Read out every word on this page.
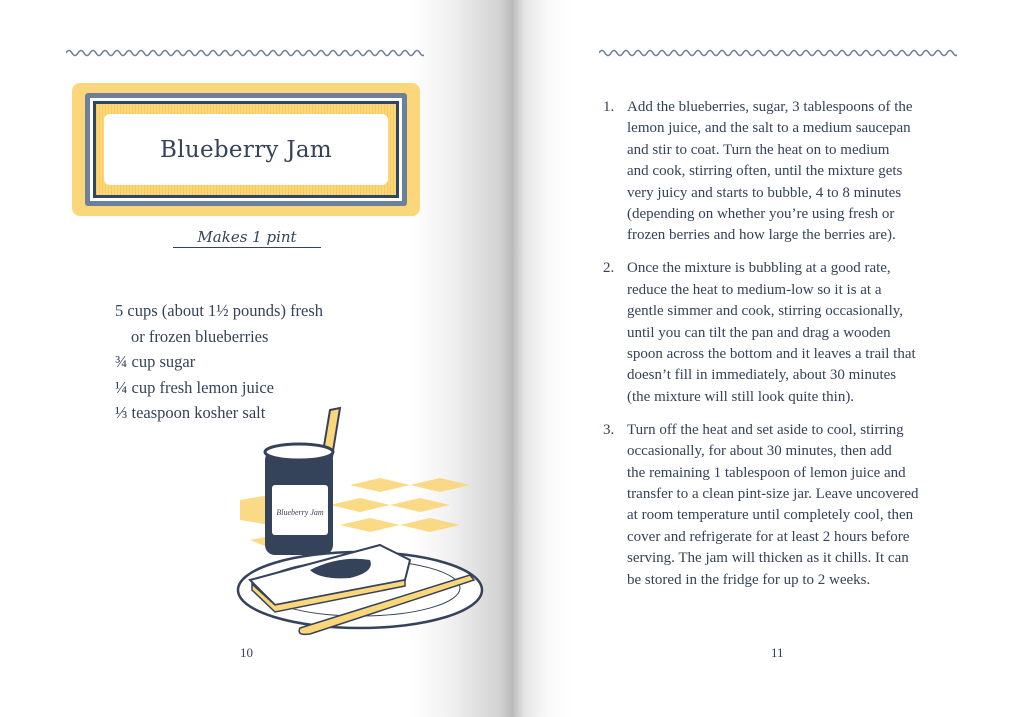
Blueberry Jam
Makes 1 pint
5 cups (about 1½ pounds) fresh
or frozen blueberries
¾ cup sugar
¼ cup fresh lemon juice
⅓ teaspoon kosher salt
Blueberry Jam
10
1. Add the blueberries, sugar, 3 tablespoons of the
lemon juice, and the salt to a medium saucepan
and stir to coat. Turn the heat on to medium
and cook, stirring often, until the mixture gets
very juicy and starts to bubble, 4 to 8 minutes
(depending on whether you’re using fresh or
frozen berries and how large the berries are).
2. Once the mixture is bubbling at a good rate,
reduce the heat to medium-low so it is at a
gentle simmer and cook, stirring occasionally,
until you can tilt the pan and drag a wooden
spoon across the bottom and it leaves a trail that
doesn’t fill in immediately, about 30 minutes
(the mixture will still look quite thin).
3. Turn off the heat and set aside to cool, stirring
occasionally, for about 30 minutes, then add
the remaining 1 tablespoon of lemon juice and
transfer to a clean pint-size jar. Leave uncovered
at room temperature until completely cool, then
cover and refrigerate for at least 2 hours before
serving. The jam will thicken as it chills. It can
be stored in the fridge for up to 2 weeks.
11
